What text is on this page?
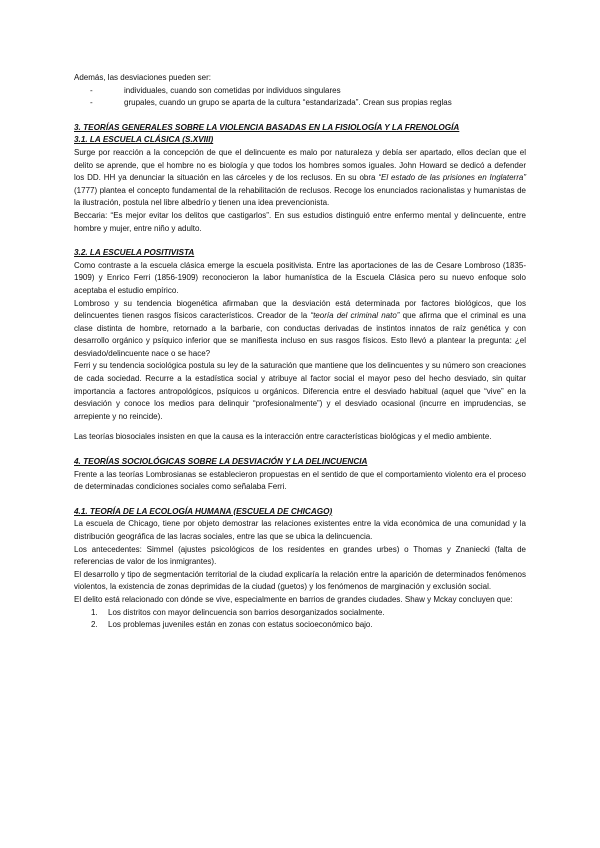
Además, las desviaciones pueden ser:

- individuales, cuando son cometidas por individuos singulares
- grupales, cuando un grupo se aparta de la cultura “estandarizada”. Crean sus propias reglas
3. TEORÍAS GENERALES SOBRE LA VIOLENCIA BASADAS EN LA FISIOLOGÍA Y LA FRENOLOGÍA
3.1. LA ESCUELA CLÁSICA (S.XVIII)

Surge por reacción a la concepción de que el delincuente es malo por naturaleza y debía ser apartado, ellos decían que el delito se aprende, que el hombre no es biología y que todos los hombres somos iguales. John Howard se dedicó a defender los DD. HH ya denunciar la situación en las cárceles y de los reclusos. En su obra “El estado de las prisiones en Inglaterra” (1777) plantea el concepto fundamental de la rehabilitación de reclusos. Recoge los enunciados racionalistas y humanistas de la ilustración, postula nel libre albedrío y tienen una idea prevencionista.

Beccaria: “Es mejor evitar los delitos que castigarlos”. En sus estudios distinguió entre enfermo mental y delincuente, entre hombre y mujer, entre niño y adulto.

3.2. LA ESCUELA POSITIVISTA

Como contraste a la escuela clásica emerge la escuela positivista. Entre las aportaciones de las de Cesare Lombroso (1835-1909) y Enrico Ferri (1856-1909) reconocieron la labor humanística de la Escuela Clásica pero su nuevo enfoque solo aceptaba el estudio empírico.

Lombroso y su tendencia biogenética afirmaban que la desviación está determinada por factores biológicos, que los delincuentes tienen rasgos físicos característicos. Creador de la “teoría del criminal nato” que afirma que el criminal es una clase distinta de hombre, retornado a la barbarie, con conductas derivadas de instintos innatos de raíz genética y con desarrollo orgánico y psíquico inferior que se manifiesta incluso en sus rasgos físicos. Esto llevó a plantear la pregunta: ¿el desviado/delincuente nace o se hace?

Ferri y su tendencia sociológica postula su ley de la saturación que mantiene que los delincuentes y su número son creaciones de cada sociedad. Recurre a la estadística social y atribuye al factor social el mayor peso del hecho desviado, sin quitar importancia a factores antropológicos, psíquicos u orgánicos. Diferencia entre el desviado habitual (aquel que “vive” en la desviación y conoce los medios para delinquir “profesionalmente”) y el desviado ocasional (incurre en imprudencias, se arrepiente y no reincide).

Las teorías biosociales insisten en que la causa es la interacción entre características biológicas y el medio ambiente.

4. TEORÍAS SOCIOLÓGICAS SOBRE LA DESVIACIÓN Y LA DELINCUENCIA

Frente a las teorías Lombrosianas se establecieron propuestas en el sentido de que el comportamiento violento era el proceso de determinadas condiciones sociales como señalaba Ferri.

4.1. TEORÍA DE LA ECOLOGÍA HUMANA (ESCUELA DE CHICAGO)

La escuela de Chicago, tiene por objeto demostrar las relaciones existentes entre la vida económica de una comunidad y la distribución geográfica de las lacras sociales, entre las que se ubica la delincuencia.

Los antecedentes: Simmel (ajustes psicológicos de los residentes en grandes urbes) o Thomas y Znaniecki (falta de referencias de valor de los inmigrantes).

El desarrollo y tipo de segmentación territorial de la ciudad explicaría la relación entre la aparición de determinados fenómenos violentos, la existencia de zonas deprimidas de la ciudad (guetos) y los fenómenos de marginación y exclusión social.

El delito está relacionado con dónde se vive, especialmente en barrios de grandes ciudades. Shaw y Mckay concluyen que:

1. Los distritos con mayor delincuencia son barrios desorganizados socialmente.
2. Los problemas juveniles están en zonas con estatus socioeconómico bajo.
